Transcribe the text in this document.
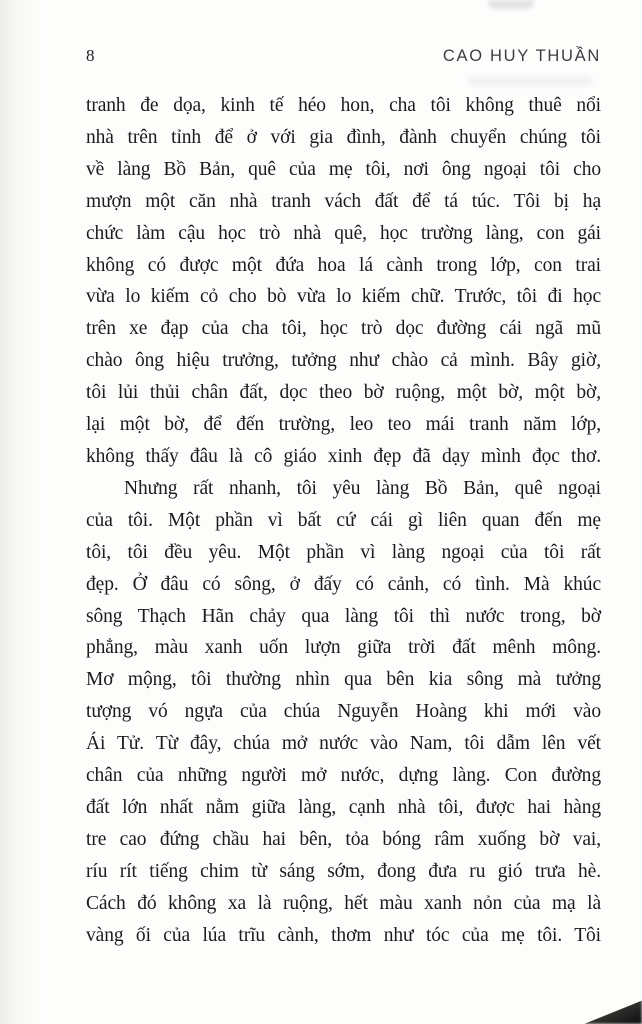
8	CAO HUY THUẦN
tranh đe dọa, kinh tế héo hon, cha tôi không thuê nổi
nhà trên tỉnh để ở với gia đình, đành chuyển chúng tôi
về làng Bồ Bản, quê của mẹ tôi, nơi ông ngoại tôi cho
mượn một căn nhà tranh vách đất để tá túc. Tôi bị hạ
chức làm cậu học trò nhà quê, học trường làng, con gái
không có được một đứa hoa lá cành trong lớp, con trai
vừa lo kiếm cỏ cho bò vừa lo kiếm chữ. Trước, tôi đi học
trên xe đạp của cha tôi, học trò dọc đường cái ngã mũ
chào ông hiệu trưởng, tưởng như chào cả mình. Bây giờ,
tôi lủi thủi chân đất, dọc theo bờ ruộng, một bờ, một bờ,
lại một bờ, để đến trường, leo teo mái tranh năm lớp,
không thấy đâu là cô giáo xinh đẹp đã dạy mình đọc thơ.
Nhưng rất nhanh, tôi yêu làng Bồ Bản, quê ngoại
của tôi. Một phần vì bất cứ cái gì liên quan đến mẹ
tôi, tôi đều yêu. Một phần vì làng ngoại của tôi rất
đẹp. Ở đâu có sông, ở đấy có cảnh, có tình. Mà khúc
sông Thạch Hãn chảy qua làng tôi thì nước trong, bờ
phẳng, màu xanh uốn lượn giữa trời đất mênh mông.
Mơ mộng, tôi thường nhìn qua bên kia sông mà tưởng
tượng vó ngựa của chúa Nguyễn Hoàng khi mới vào
Ái Tử. Từ đây, chúa mở nước vào Nam, tôi dẫm lên vết
chân của những người mở nước, dựng làng. Con đường
đất lớn nhất nằm giữa làng, cạnh nhà tôi, được hai hàng
tre cao đứng chầu hai bên, tỏa bóng râm xuống bờ vai,
ríu rít tiếng chim từ sáng sớm, đong đưa ru gió trưa hè.
Cách đó không xa là ruộng, hết màu xanh nỏn của mạ là
vàng ối của lúa trĩu cành, thơm như tóc của mẹ tôi. Tôi
